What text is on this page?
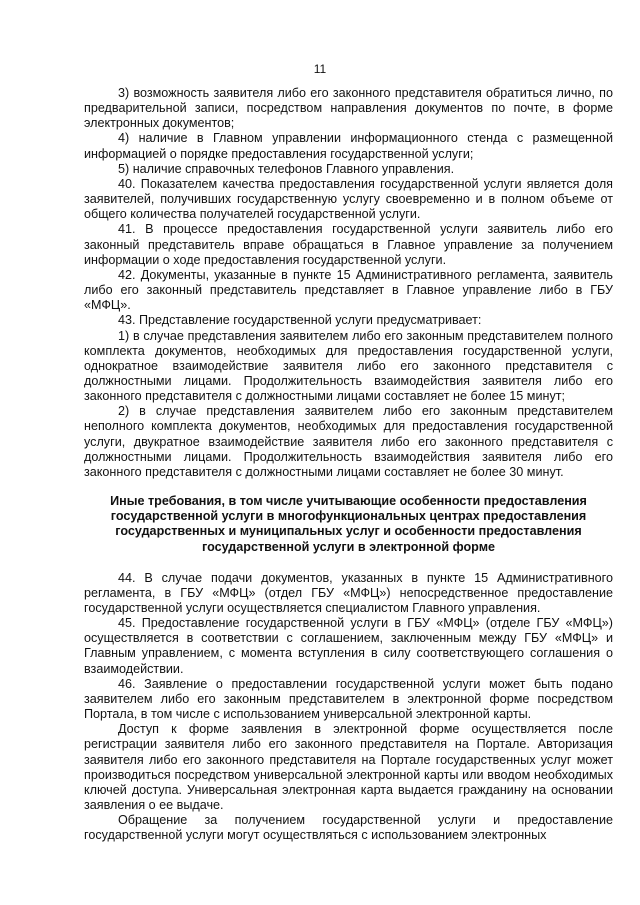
11

3) возможность заявителя либо его законного представителя обратиться лично, по предварительной записи, посредством направления документов по почте, в форме электронных документов;

4) наличие в Главном управлении информационного стенда с размещенной информацией о порядке предоставления государственной услуги;

5) наличие справочных телефонов Главного управления.

40. Показателем качества предоставления государственной услуги является доля заявителей, получивших государственную услугу своевременно и в полном объеме от общего количества получателей государственной услуги.

41. В процессе предоставления государственной услуги заявитель либо его законный представитель вправе обращаться в Главное управление за получением информации о ходе предоставления государственной услуги.

42. Документы, указанные в пункте 15 Административного регламента, заявитель либо его законный представитель представляет в Главное управление либо в ГБУ «МФЦ».

43. Представление государственной услуги предусматривает:

1) в случае представления заявителем либо его законным представителем полного комплекта документов, необходимых для предоставления государственной услуги, однократное взаимодействие заявителя либо его законного представителя с должностными лицами. Продолжительность взаимодействия заявителя либо его законного представителя с должностными лицами составляет не более 15 минут;

2) в случае представления заявителем либо его законным представителем неполного комплекта документов, необходимых для предоставления государственной услуги, двукратное взаимодействие заявителя либо его законного представителя с должностными лицами. Продолжительность взаимодействия заявителя либо его законного представителя с должностными лицами составляет не более 30 минут.

Иные требования, в том числе учитывающие особенности предоставления государственной услуги в многофункциональных центрах предоставления государственных и муниципальных услуг и особенности предоставления государственной услуги в электронной форме

44. В случае подачи документов, указанных в пункте 15 Административного регламента, в ГБУ «МФЦ» (отдел ГБУ «МФЦ») непосредственное предоставление государственной услуги осуществляется специалистом Главного управления.

45. Предоставление государственной услуги в ГБУ «МФЦ» (отделе ГБУ «МФЦ») осуществляется в соответствии с соглашением, заключенным между ГБУ «МФЦ» и Главным управлением, с момента вступления в силу соответствующего соглашения о взаимодействии.

46. Заявление о предоставлении государственной услуги может быть подано заявителем либо его законным представителем в электронной форме посредством Портала, в том числе с использованием универсальной электронной карты.

Доступ к форме заявления в электронной форме осуществляется после регистрации заявителя либо его законного представителя на Портале. Авторизация заявителя либо его законного представителя на Портале государственных услуг может производиться посредством универсальной электронной карты или вводом необходимых ключей доступа. Универсальная электронная карта выдается гражданину на основании заявления о ее выдаче.

Обращение за получением государственной услуги и предоставление государственной услуги могут осуществляться с использованием электронных
